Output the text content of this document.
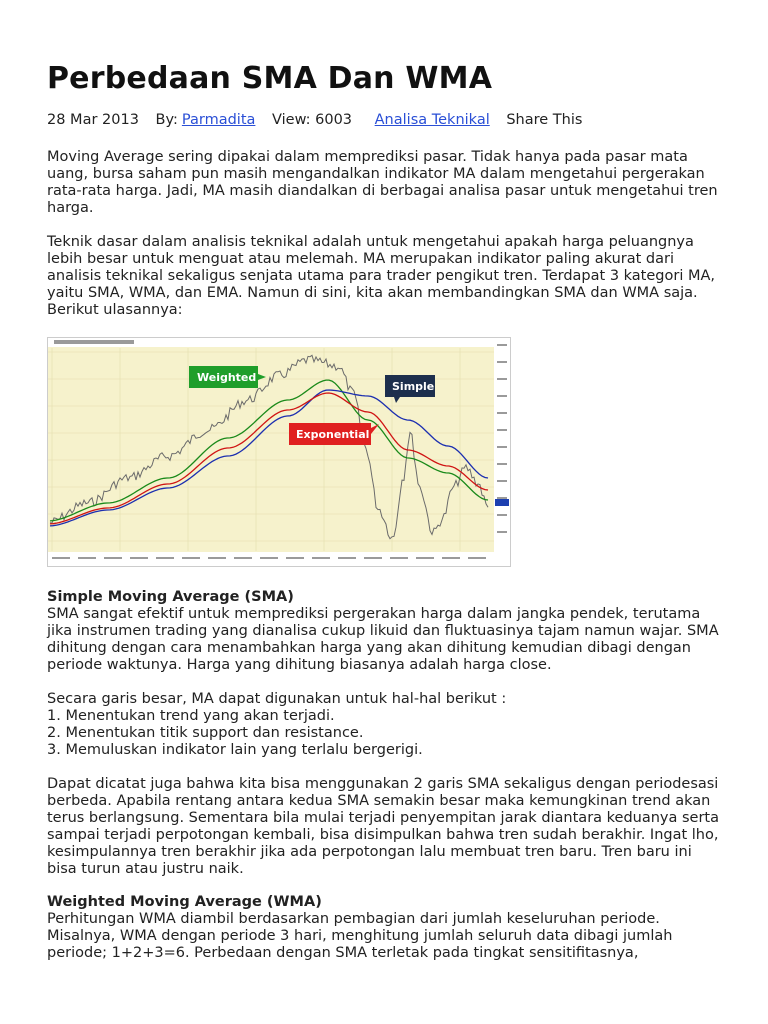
Perbedaan SMA Dan WMA
28 Mar 2013 By: Parmadita View: 6003 Analisa Teknikal Share This

Moving Average sering dipakai dalam memprediksi pasar. Tidak hanya pada pasar mata uang, bursa saham pun masih mengandalkan indikator MA dalam mengetahui pergerakan rata-rata harga. Jadi, MA masih diandalkan di berbagai analisa pasar untuk mengetahui tren harga.

Teknik dasar dalam analisis teknikal adalah untuk mengetahui apakah harga peluangnya lebih besar untuk menguat atau melemah. MA merupakan indikator paling akurat dari analisis teknikal sekaligus senjata utama para trader pengikut tren. Terdapat 3 kategori MA, yaitu SMA, WMA, dan EMA. Namun di sini, kita akan membandingkan SMA dan WMA saja. Berikut ulasannya:

Weighted
Simple
Exponential
Simple Moving Average (SMA)

SMA sangat efektif untuk memprediksi pergerakan harga dalam jangka pendek, terutama jika instrumen trading yang dianalisa cukup likuid dan fluktuasinya tajam namun wajar. SMA dihitung dengan cara menambahkan harga yang akan dihitung kemudian dibagi dengan periode waktunya. Harga yang dihitung biasanya adalah harga close.

Secara garis besar, MA dapat digunakan untuk hal-hal berikut :

1. Menentukan trend yang akan terjadi.

2. Menentukan titik support dan resistance.

3. Memuluskan indikator lain yang terlalu bergerigi.

Dapat dicatat juga bahwa kita bisa menggunakan 2 garis SMA sekaligus dengan periodesasi berbeda. Apabila rentang antara kedua SMA semakin besar maka kemungkinan trend akan terus berlangsung. Sementara bila mulai terjadi penyempitan jarak diantara keduanya serta sampai terjadi perpotongan kembali, bisa disimpulkan bahwa tren sudah berakhir. Ingat lho, kesimpulannya tren berakhir jika ada perpotongan lalu membuat tren baru. Tren baru ini bisa turun atau justru naik.

Weighted Moving Average (WMA)

Perhitungan WMA diambil berdasarkan pembagian dari jumlah keseluruhan periode. Misalnya, WMA dengan periode 3 hari, menghitung jumlah seluruh data dibagi jumlah periode; 1+2+3=6. Perbedaan dengan SMA terletak pada tingkat sensitifitasnya,
